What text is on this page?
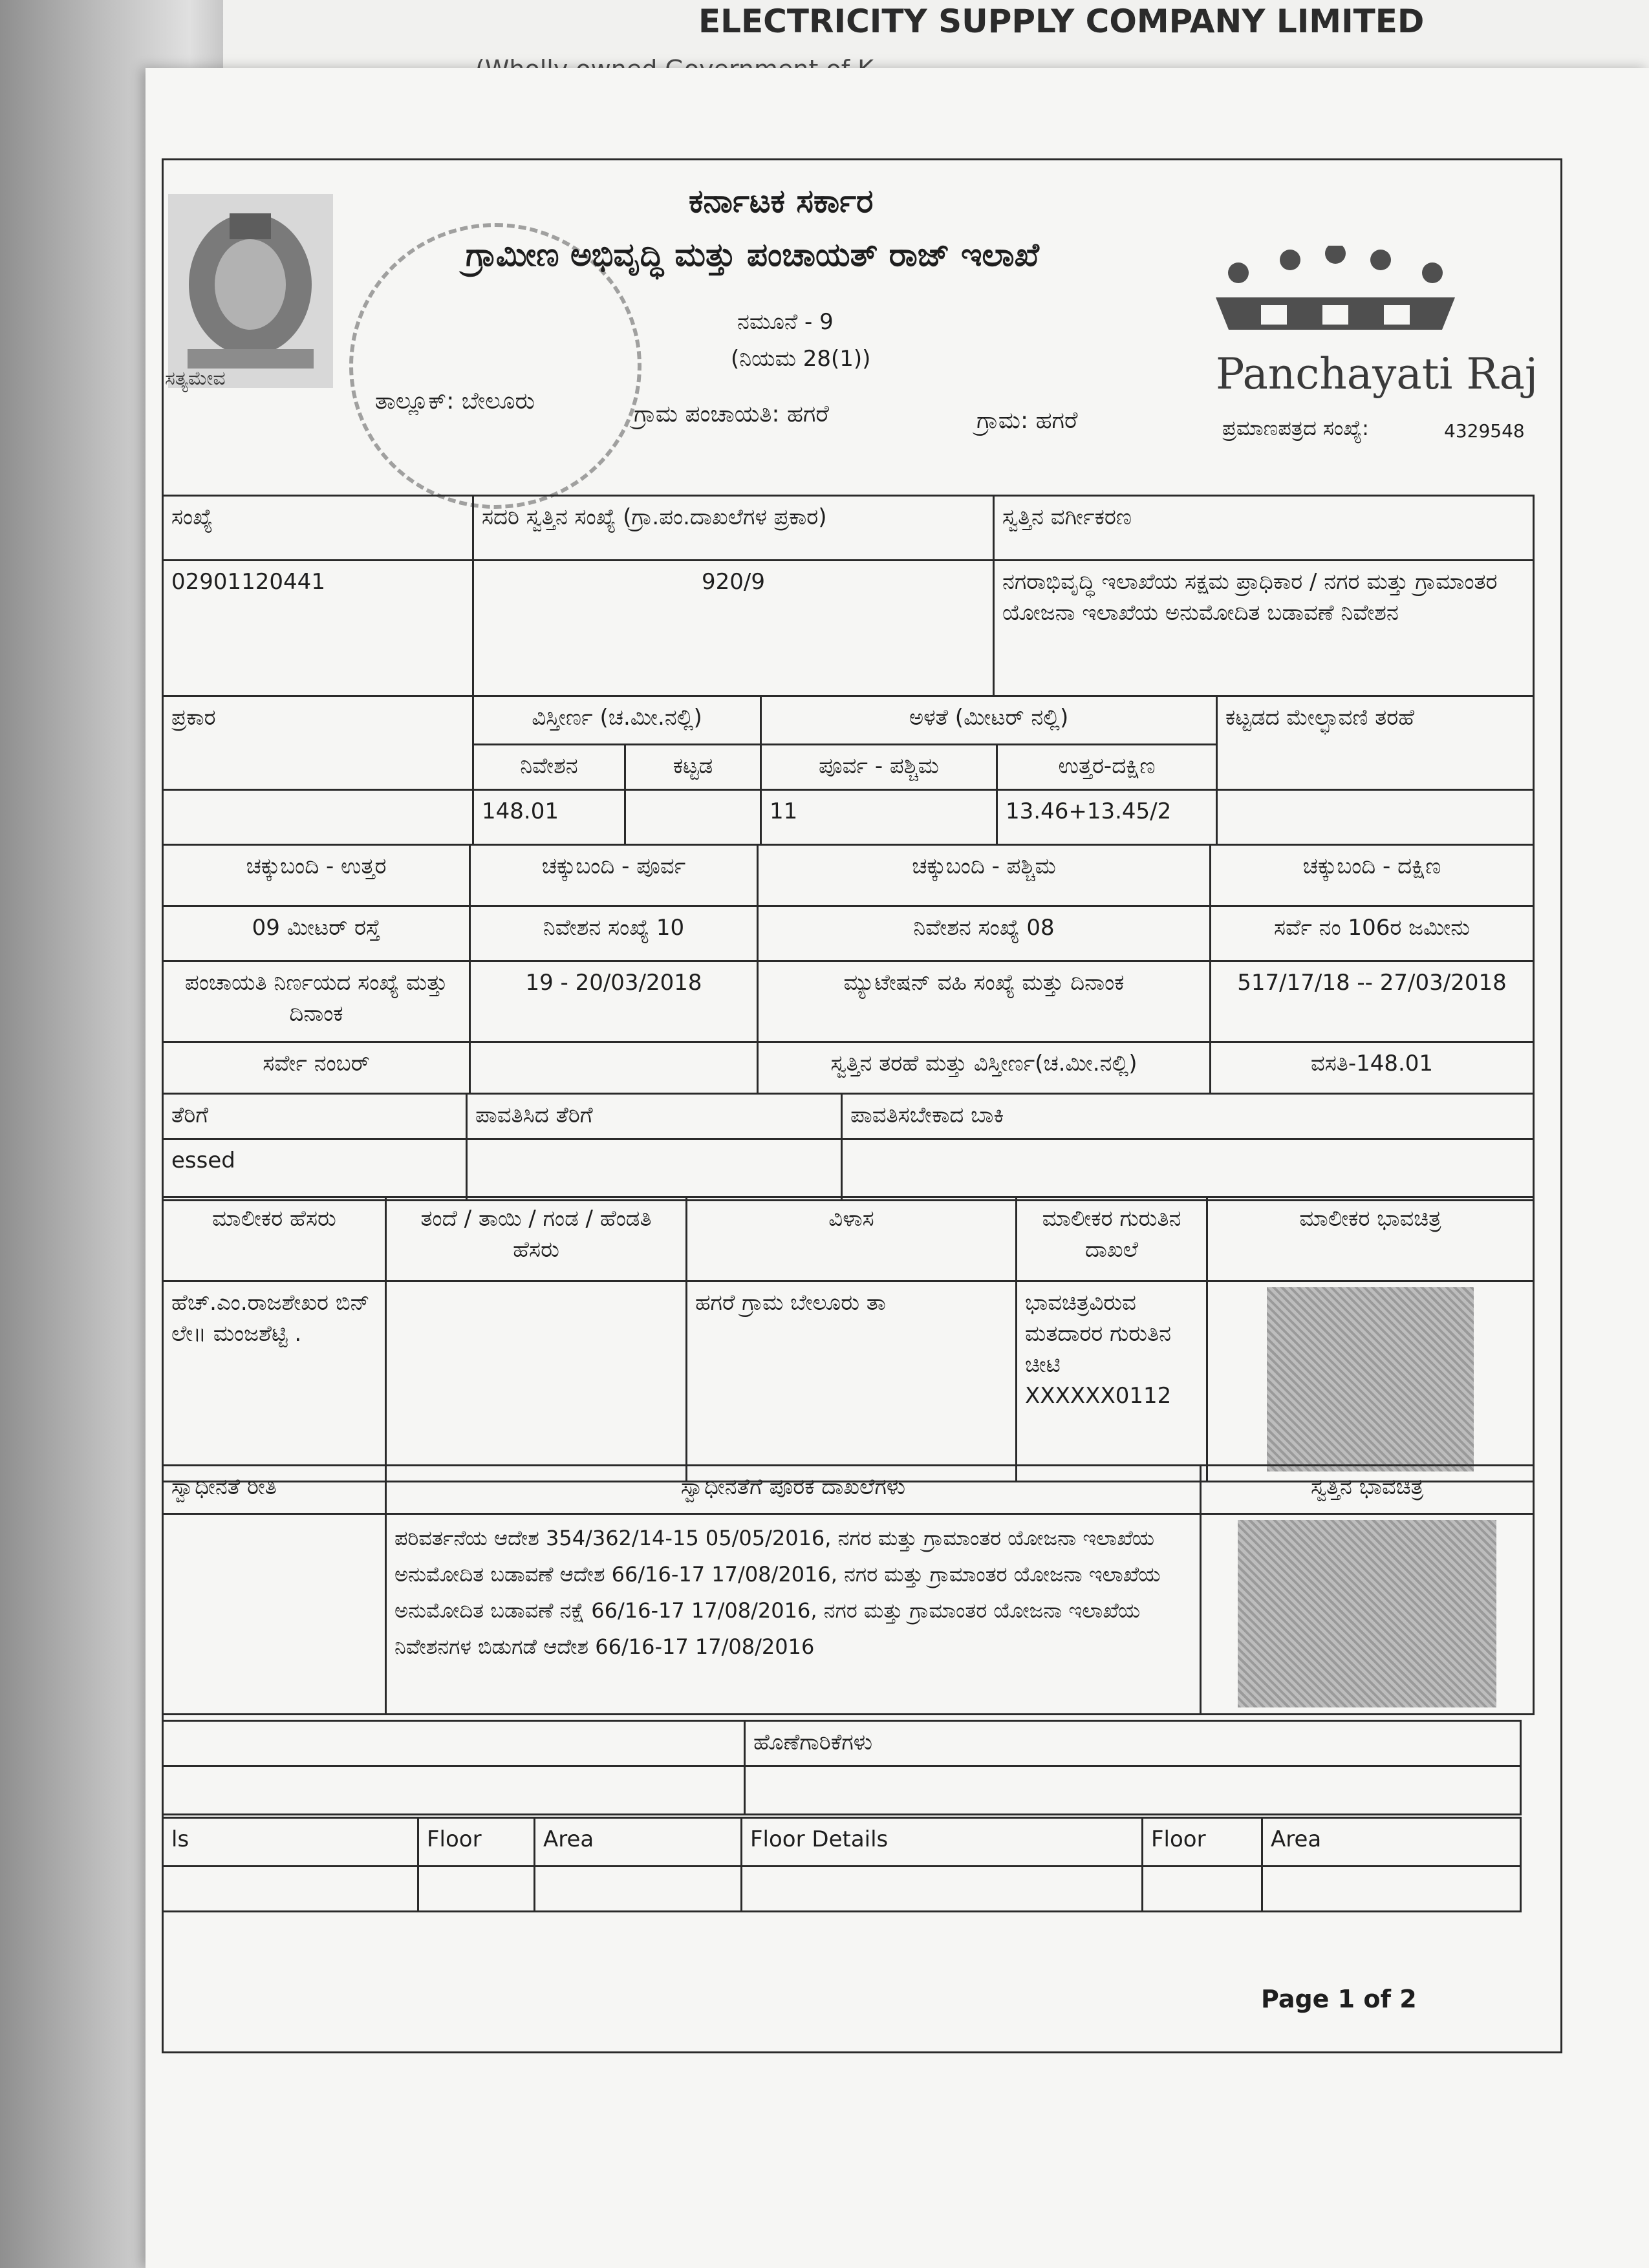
ELECTRICITY SUPPLY COMPANY LIMITED
ಸತ್ಯಮೇವ
ಕರ್ನಾಟಕ ಸರ್ಕಾರ
ಗ್ರಾಮೀಣ ಅಭಿವೃದ್ಧಿ ಮತ್ತು ಪಂಚಾಯತ್ ರಾಜ್ ಇಲಾಖೆ
ನಮೂನೆ - 9
(ನಿಯಮ 28(1))
ತಾಲ್ಲೂಕ್: ಬೇಲೂರು	ಗ್ರಾಮ ಪಂಚಾಯತಿ: ಹಗರೆ	ಗ್ರಾಮ: ಹಗರೆ
Panchayati Raj
ಪ್ರಮಾಣಪತ್ರದ ಸಂಖ್ಯೆ:	4329548
ಸಂಖ್ಯೆ	ಸದರಿ ಸ್ವತ್ತಿನ ಸಂಖ್ಯೆ (ಗ್ರಾ.ಪಂ.ದಾಖಲೆಗಳ ಪ್ರಕಾರ)	ಸ್ವತ್ತಿನ ವರ್ಗೀಕರಣ
02901120441	920/9	ನಗರಾಭಿವೃದ್ಧಿ ಇಲಾಖೆಯ ಸಕ್ಷಮ ಪ್ರಾಧಿಕಾರ / ನಗರ ಮತ್ತು ಗ್ರಾಮಾಂತರ ಯೋಜನಾ ಇಲಾಖೆಯ ಅನುಮೋದಿತ ಬಡಾವಣೆ ನಿವೇಶನ
ಪ್ರಕಾರ	ವಿಸ್ತೀರ್ಣ (ಚ.ಮೀ.ನಲ್ಲಿ)		ಅಳತೆ (ಮೀಟರ್ ನಲ್ಲಿ)		ಕಟ್ಟಡದ ಮೇಲ್ಛಾವಣಿ ತರಹೆ
	ನಿವೇಶನ	ಕಟ್ಟಡ	ಪೂರ್ವ - ಪಶ್ಚಿಮ	ಉತ್ತರ-ದಕ್ಷಿಣ	
	148.01		11	13.46+13.45/2	
ಚಕ್ಕುಬಂದಿ - ಉತ್ತರ	ಚಕ್ಕುಬಂದಿ - ಪೂರ್ವ	ಚಕ್ಕುಬಂದಿ - ಪಶ್ಚಿಮ	ಚಕ್ಕುಬಂದಿ - ದಕ್ಷಿಣ
09 ಮೀಟರ್ ರಸ್ತೆ	ನಿವೇಶನ ಸಂಖ್ಯೆ 10	ನಿವೇಶನ ಸಂಖ್ಯೆ 08	ಸರ್ವೆ ನಂ 106ರ ಜಮೀನು
ಪಂಚಾಯತಿ ನಿರ್ಣಯದ ಸಂಖ್ಯೆ ಮತ್ತು ದಿನಾಂಕ	19 - 20/03/2018	ಮ್ಯುಟೇಷನ್ ವಹಿ ಸಂಖ್ಯೆ ಮತ್ತು ದಿನಾಂಕ	517/17/18 -- 27/03/2018
ಸರ್ವೇ ನಂಬರ್		ಸ್ವತ್ತಿನ ತರಹೆ ಮತ್ತು ವಿಸ್ತೀರ್ಣ(ಚ.ಮೀ.ನಲ್ಲಿ)	ವಸತಿ-148.01
ತೆರಿಗೆ	ಪಾವತಿಸಿದ ತೆರಿಗೆ	ಪಾವತಿಸಬೇಕಾದ ಬಾಕಿ
essed		
ಮಾಲೀಕರ ಹೆಸರು	ತಂದೆ / ತಾಯಿ / ಗಂಡ / ಹೆಂಡತಿ ಹೆಸರು	ವಿಳಾಸ	ಮಾಲೀಕರ ಗುರುತಿನ ದಾಖಲೆ	ಮಾಲೀಕರ ಭಾವಚಿತ್ರ
ಹೆಚ್.ಎಂ.ರಾಜಶೇಖರ ಬಿನ್ ಲೇ॥ ಮಂಜಶೆಟ್ಟಿ .		ಹಗರೆ ಗ್ರಾಮ ಬೇಲೂರು ತಾ	ಭಾವಚಿತ್ರವಿರುವ ಮತದಾರರ ಗುರುತಿನ ಚೀಟಿ
XXXXXX0112	

ಸ್ವಾಧೀನತೆ ರೀತಿ	ಸ್ವಾಧೀನತೆಗೆ ಪೂರಕ ದಾಖಲೆಗಳು	ಸ್ವತ್ತಿನ ಭಾವಚಿತ್ರ
	ಪರಿವರ್ತನೆಯ ಆದೇಶ 354/362/14-15 05/05/2016, ನಗರ ಮತ್ತು ಗ್ರಾಮಾಂತರ ಯೋಜನಾ ಇಲಾಖೆಯ ಅನುಮೋದಿತ ಬಡಾವಣೆ ಆದೇಶ 66/16-17 17/08/2016, ನಗರ ಮತ್ತು ಗ್ರಾಮಾಂತರ ಯೋಜನಾ ಇಲಾಖೆಯ ಅನುಮೋದಿತ ಬಡಾವಣೆ ನಕ್ಷೆ 66/16-17 17/08/2016, ನಗರ ಮತ್ತು ಗ್ರಾಮಾಂತರ ಯೋಜನಾ ಇಲಾಖೆಯ ನಿವೇಶನಗಳ ಬಿಡುಗಡೆ ಆದೇಶ 66/16-17 17/08/2016	
	ಹೊಣೆಗಾರಿಕೆಗಳು

ls	Floor	Area	Floor Details	Floor	Area

Page 1 of 2
